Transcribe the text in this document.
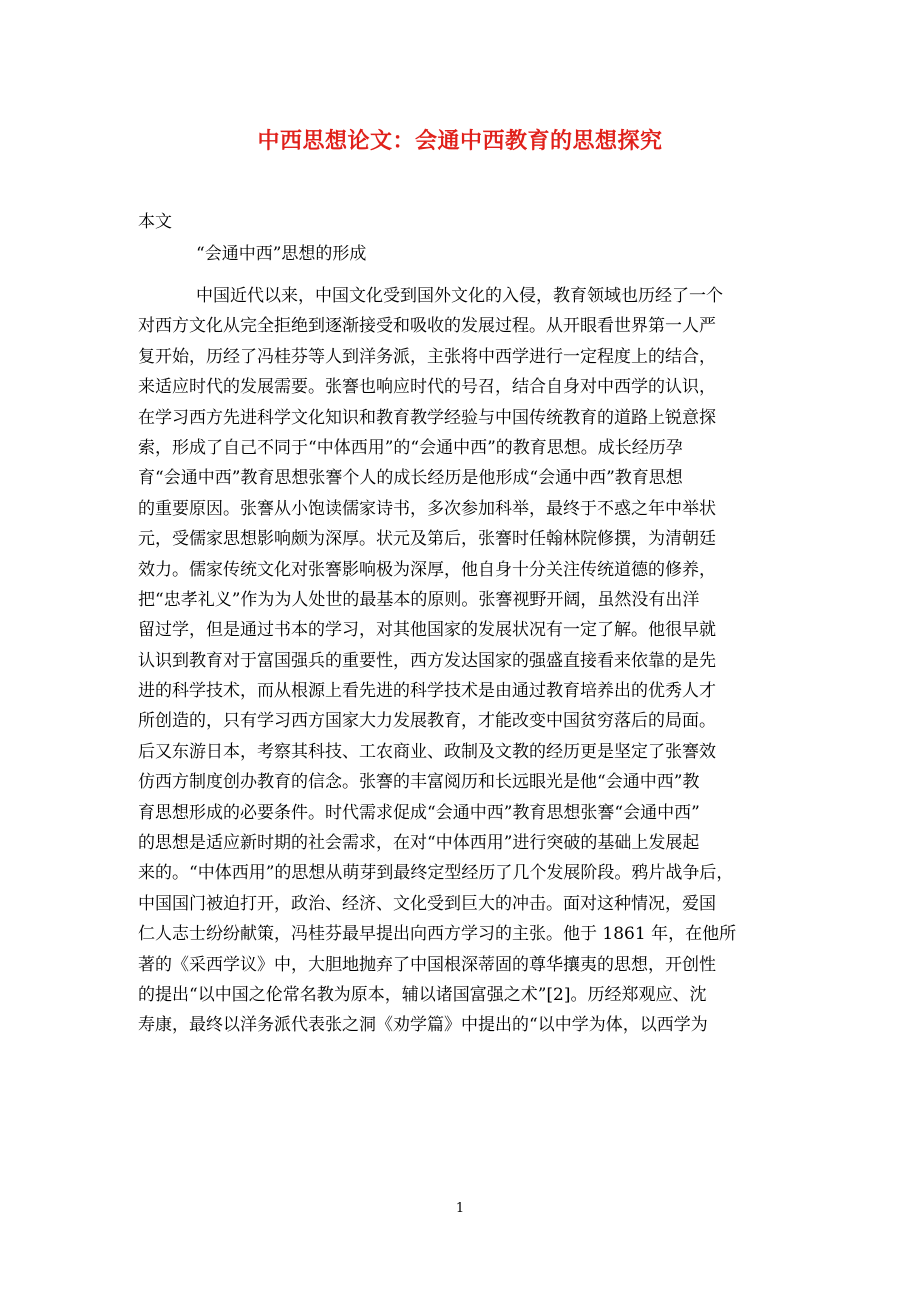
中西思想论文：会通中西教育的思想探究
本文
“会通中西”思想的形成
中国近代以来，中国文化受到国外文化的入侵，教育领域也历经了一个
对西方文化从完全拒绝到逐渐接受和吸收的发展过程。从开眼看世界第一人严
复开始，历经了冯桂芬等人到洋务派，主张将中西学进行一定程度上的结合，
来适应时代的发展需要。张謇也响应时代的号召，结合自身对中西学的认识，
在学习西方先进科学文化知识和教育教学经验与中国传统教育的道路上锐意探
索，形成了自己不同于“中体西用”的“会通中西”的教育思想。成长经历孕
育“会通中西”教育思想张謇个人的成长经历是他形成“会通中西”教育思想
的重要原因。张謇从小饱读儒家诗书，多次参加科举，最终于不惑之年中举状
元，受儒家思想影响颇为深厚。状元及第后，张謇时任翰林院修撰，为清朝廷
效力。儒家传统文化对张謇影响极为深厚，他自身十分关注传统道德的修养，
把“忠孝礼义”作为为人处世的最基本的原则。张謇视野开阔，虽然没有出洋
留过学，但是通过书本的学习，对其他国家的发展状况有一定了解。他很早就
认识到教育对于富国强兵的重要性，西方发达国家的强盛直接看来依靠的是先
进的科学技术，而从根源上看先进的科学技术是由通过教育培养出的优秀人才
所创造的，只有学习西方国家大力发展教育，才能改变中国贫穷落后的局面。
后又东游日本，考察其科技、工农商业、政制及文教的经历更是坚定了张謇效
仿西方制度创办教育的信念。张謇的丰富阅历和长远眼光是他“会通中西”教
育思想形成的必要条件。时代需求促成“会通中西”教育思想张謇“会通中西”
的思想是适应新时期的社会需求，在对“中体西用”进行突破的基础上发展起
来的。“中体西用”的思想从萌芽到最终定型经历了几个发展阶段。鸦片战争后，
中国国门被迫打开，政治、经济、文化受到巨大的冲击。面对这种情况，爱国
仁人志士纷纷献策，冯桂芬最早提出向西方学习的主张。他于 1861 年，在他所
著的《采西学议》中，大胆地抛弃了中国根深蒂固的尊华攘夷的思想，开创性
的提出“以中国之伦常名教为原本，辅以诸国富强之术”[2]。历经郑观应、沈
寿康，最终以洋务派代表张之洞《劝学篇》中提出的“以中学为体，以西学为
1
